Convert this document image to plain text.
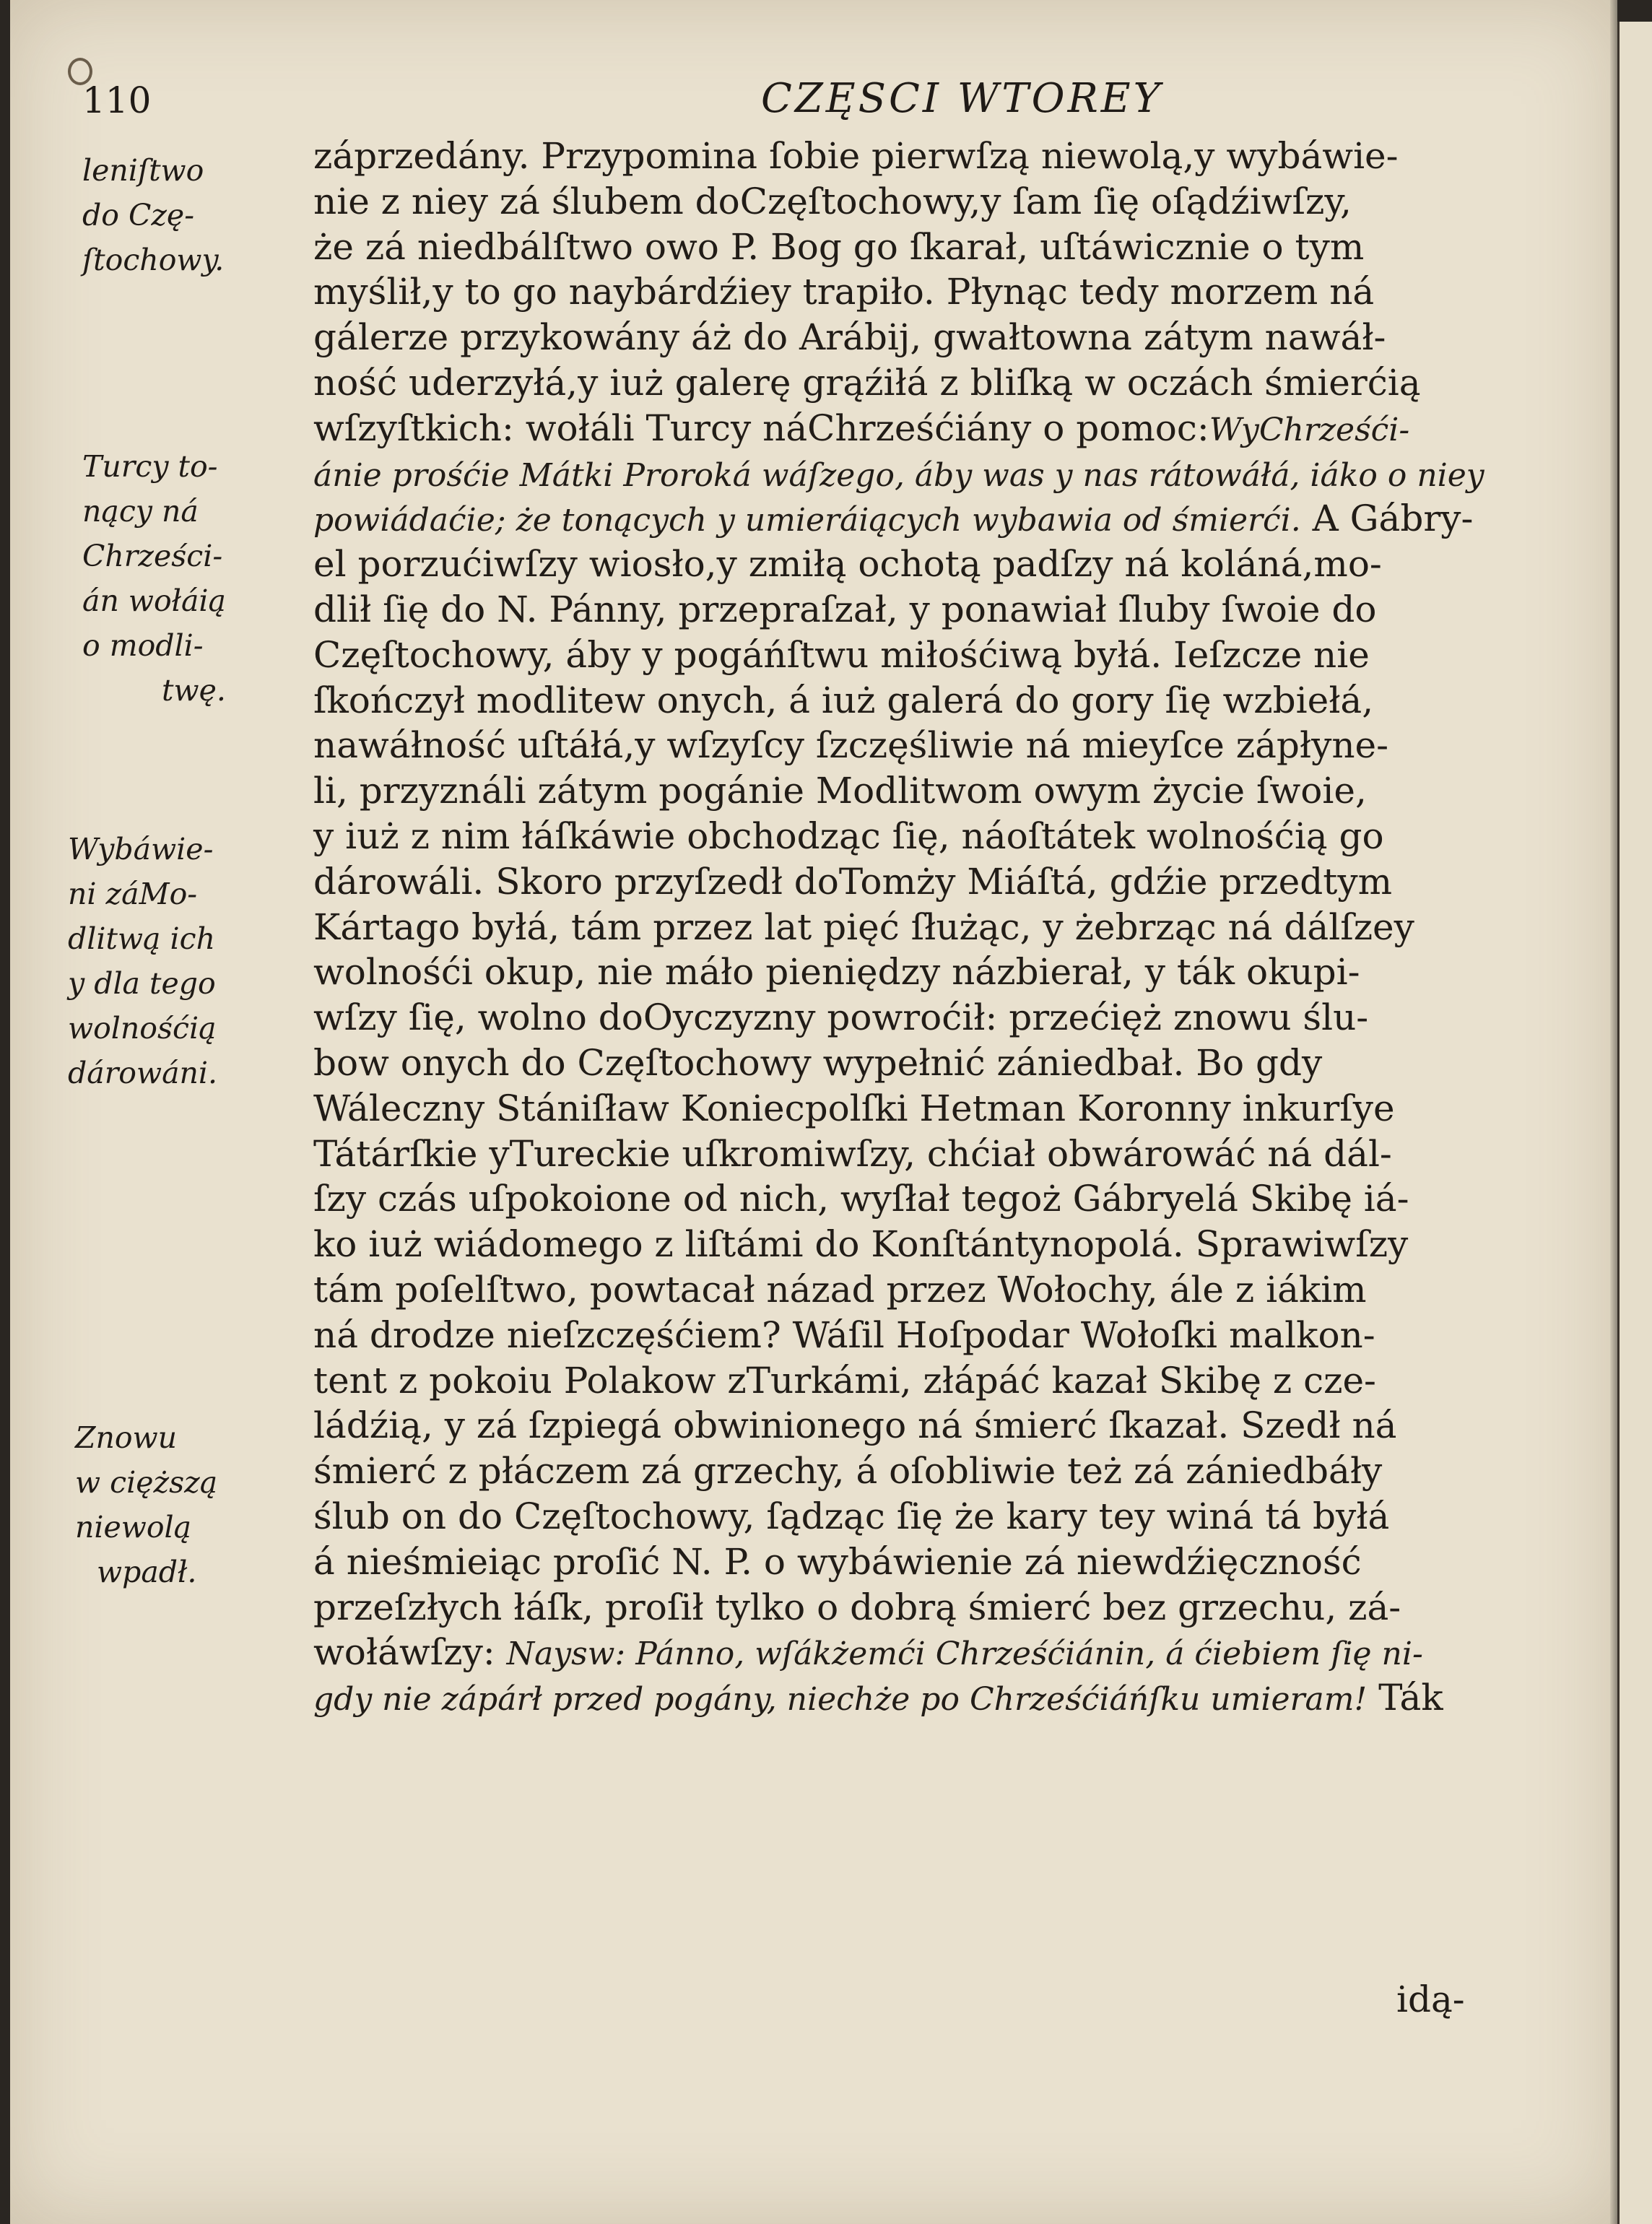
110	CZĘSCI WTOREY
leniſtwo
do Czę-
ſtochowy.
Turcy to-
nący ná
Chrześci-
án wołáią
o modli-
twę.
Wybáwie-
ni záMo-
dlitwą ich
y dla tego
wolnośćią
dárowáni.
Znowu
w cięższą
niewolą
wpadł.
záprzedány. Przypomina ſobie pierwſzą niewolą,y wybáwie-
nie z niey zá ślubem doCzęſtochowy,y ſam ſię oſądźiwſzy,
że zá niedbálſtwo owo P. Bog go ſkarał, uſtáwicznie o tym
myślił,y to go naybárdźiey trapiło. Płynąc tedy morzem ná
gálerze przykowány áż do Arábij, gwałtowna zátym nawáł-
ność uderzyłá,y iuż galerę grąźiłá z bliſką w oczách śmierćią
wſzyſtkich: wołáli Turcy náChrześćiány o pomoc:WyChrześći-
ánie prośćie Mátki Proroká wáſzego, áby was y nas rátowáłá, iáko o niey
powiádaćie; że tonących y umieráiących wybawia od śmierći. A Gábry-
el porzućiwſzy wiosło,y zmiłą ochotą padſzy ná koláná,mo-
dlił ſię do N. Pánny, przepraſzał, y ponawiał ſluby ſwoie do
Częſtochowy, áby y pogáńſtwu miłośćiwą byłá. Ieſzcze nie
ſkończył modlitew onych, á iuż galerá do gory ſię wzbiełá,
nawáłność uſtáłá,y wſzyſcy ſzczęśliwie ná mieyſce zápłyne-
li, przyználi zátym pogánie Modlitwom owym życie ſwoie,
y iuż z nim łáſkáwie obchodząc ſię, náoſtátek wolnośćią go
dárowáli. Skoro przyſzedł doTomży Miáſtá, gdźie przedtym
Kártago byłá, tám przez lat pięć ſłużąc, y żebrząc ná dálſzey
wolnośći okup, nie máło pieniędzy názbierał, y ták okupi-
wſzy ſię, wolno doOyczyzny powroćił: przećięż znowu ślu-
bow onych do Częſtochowy wypełnić zániedbał. Bo gdy
Wáleczny Stániſław Koniecpolſki Hetman Koronny inkurſye
Tátárſkie yTureckie uſkromiwſzy, chćiał obwárowáć ná dál-
ſzy czás uſpokoione od nich, wyſłał tegoż Gábryelá Skibę iá-
ko iuż wiádomego z liſtámi do Konſtántynopolá. Sprawiwſzy
tám poſelſtwo, powtacał názad przez Wołochy, ále z iákim
ná drodze nieſzczęśćiem? Wáſil Hoſpodar Wołoſki malkon-
tent z pokoiu Polakow zTurkámi, złápáć kazał Skibę z cze-
ládźią, y zá ſzpiegá obwinionego ná śmierć ſkazał. Szedł ná
śmierć z płáczem zá grzechy, á oſobliwie też zá zániedbáły
ślub on do Częſtochowy, ſądząc ſię że kary tey winá tá byłá
á nieśmieiąc proſić N. P. o wybáwienie zá niewdźięczność
przeſzłych łáſk, proſił tylko o dobrą śmierć bez grzechu, zá-
wołáwſzy: Naysw: Pánno, wſákżemći Chrześćiánin, á ćiebiem ſię ni-
gdy nie zápárł przed pogány, niechże po Chrześćiáńſku umieram! Ták
idą-
